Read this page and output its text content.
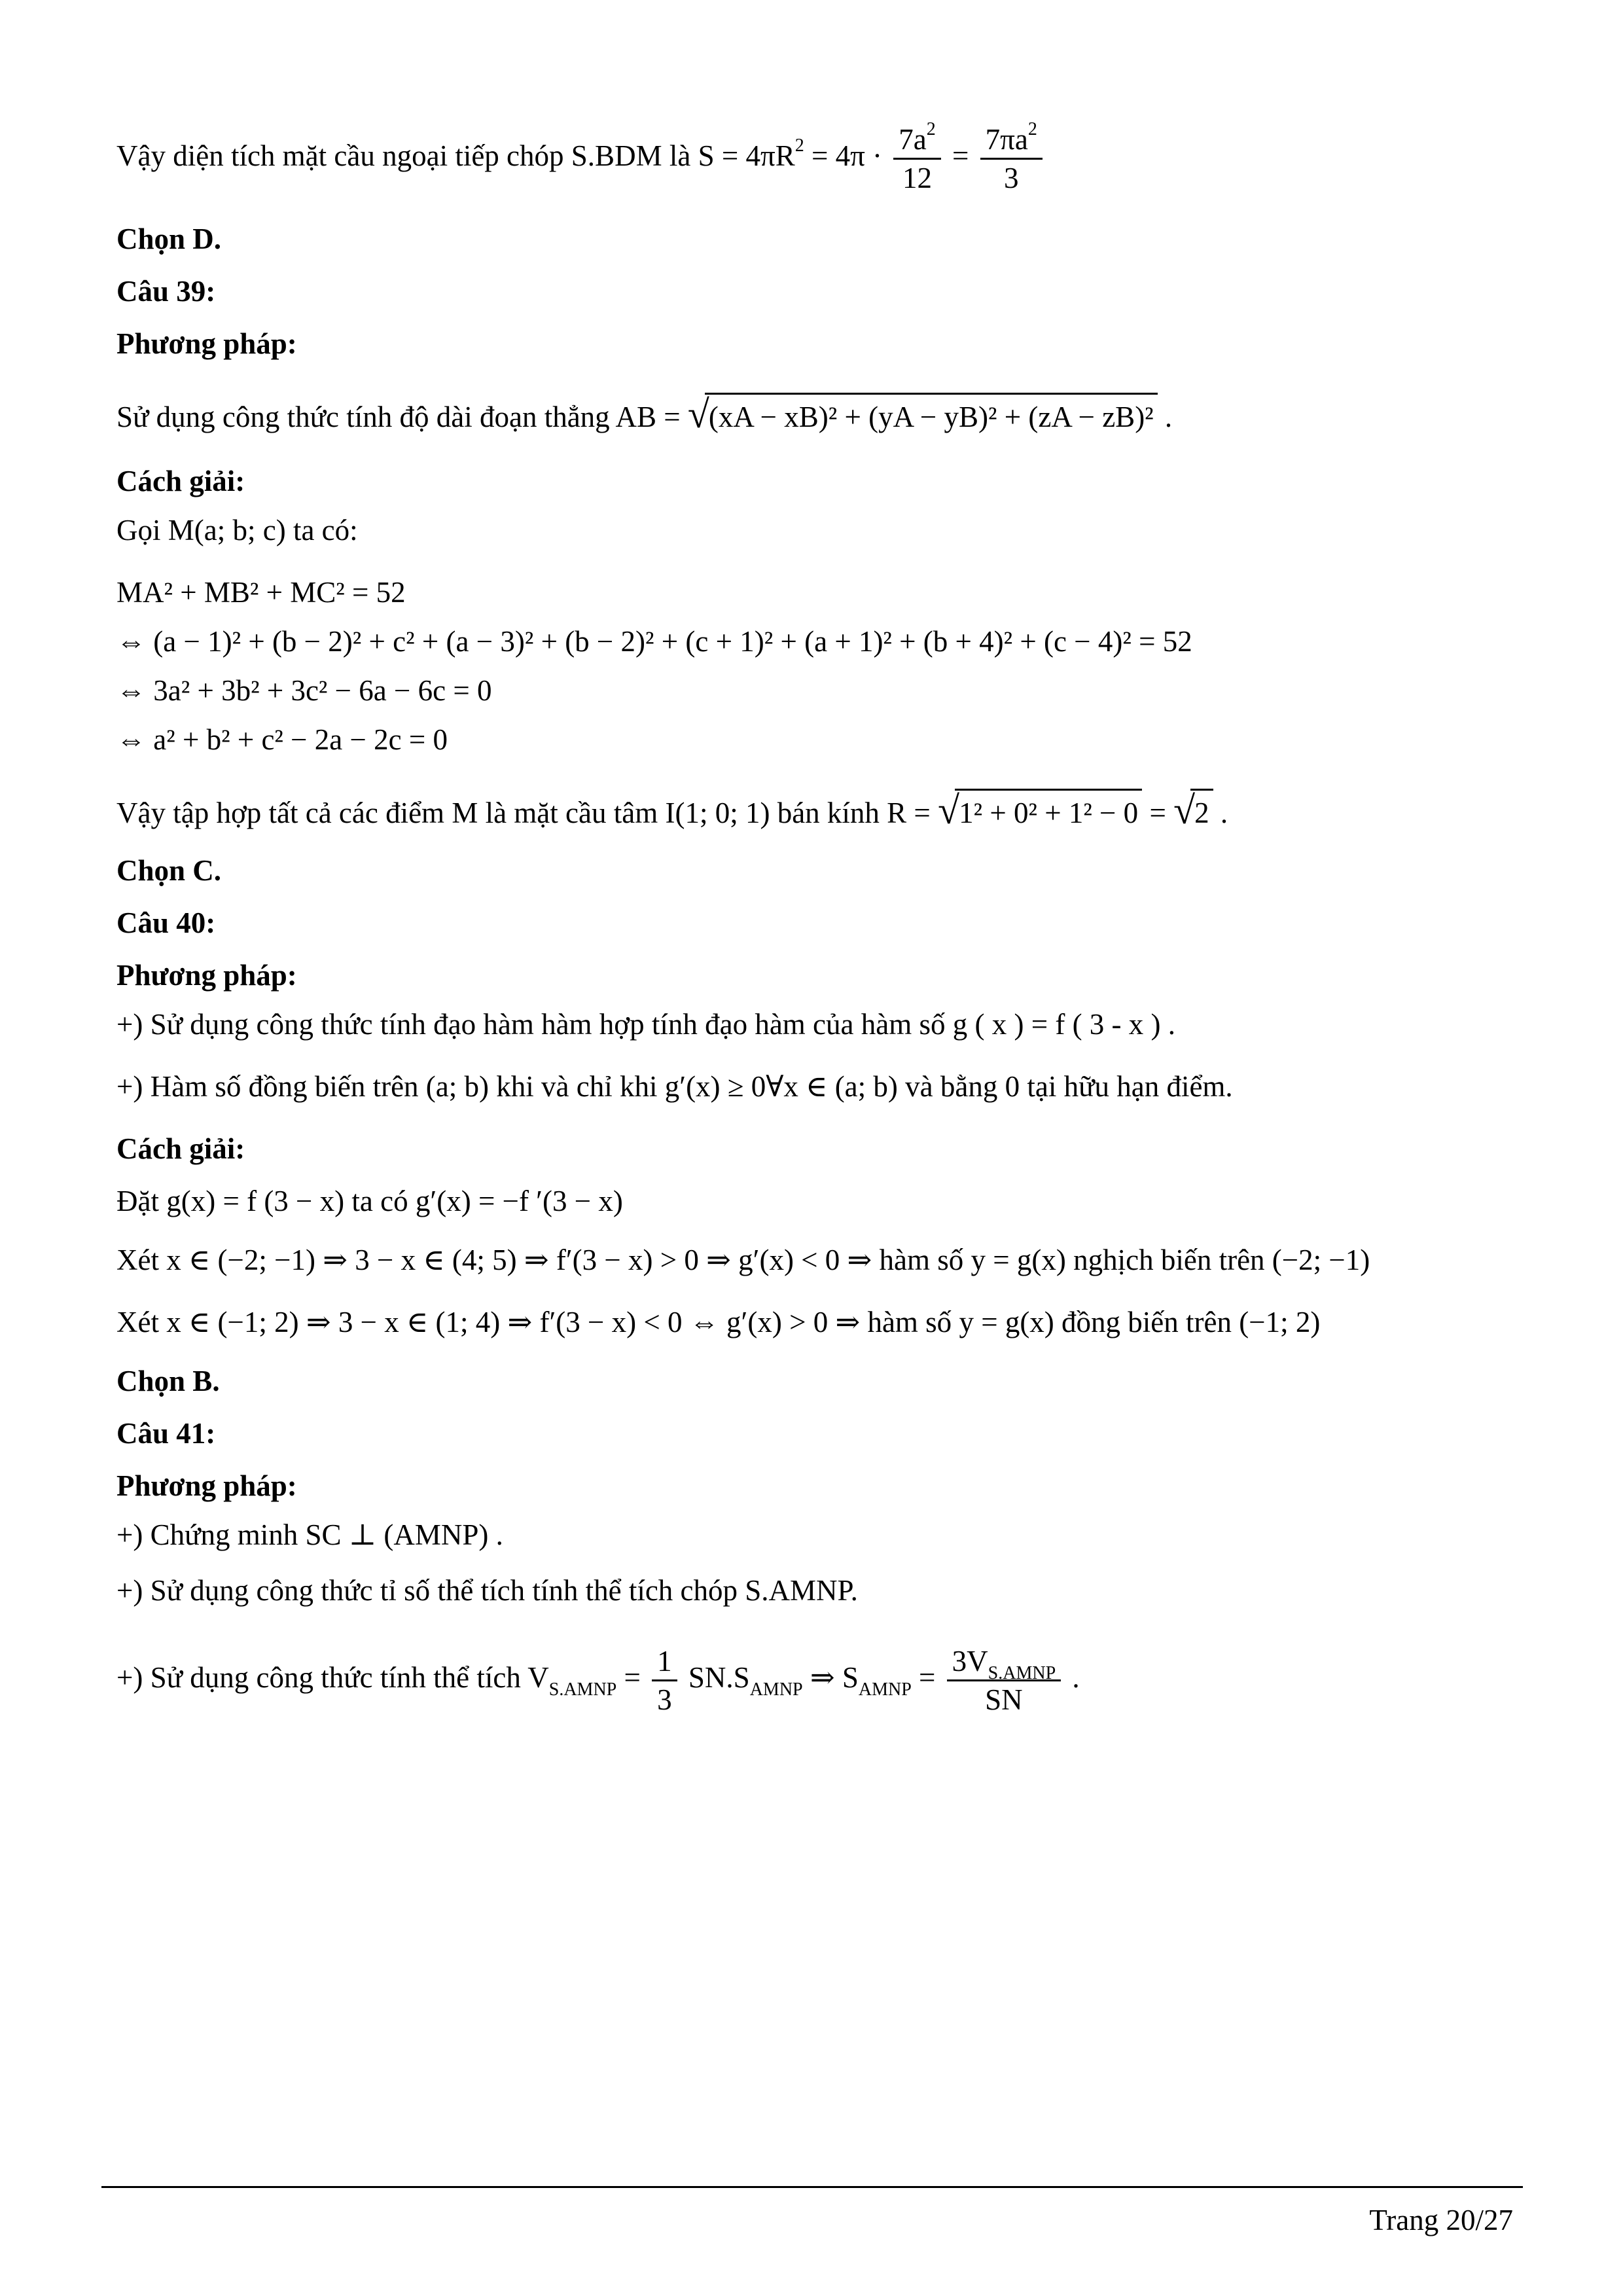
Vậy diện tích mặt cầu ngoại tiếp chóp S.BDM là $S = 4\pi R^2 = 4\pi \cdot \frac{7a^2}{12} = \frac{7\pi a^2}{3}$
Chọn D.
Câu 39:
Phương pháp:
Sử dụng công thức tính độ dài đoạn thẳng AB = √ (xA − xB)² + (yA − yB)² + (zA − zB)² .
Cách giải:
Gọi M(a; b; c) ta có:
MA² + MB² + MC² = 52
⇔ (a − 1)² + (b − 2)² + c² + (a − 3)² + (b − 2)² + (c + 1)² + (a + 1)² + (b + 4)² + (c − 4)² = 52
⇔ 3a² + 3b² + 3c² − 6a − 6c = 0
⇔ a² + b² + c² − 2a − 2c = 0
Vậy tập hợp tất cả các điểm M là mặt cầu tâm I(1; 0; 1) bán kính R = √ 1² + 0² + 1² − 0 = √ 2 .
Chọn C.
Câu 40:
Phương pháp:
+) Sử dụng công thức tính đạo hàm hàm hợp tính đạo hàm của hàm số g ( x ) = f ( 3 - x ) .
+) Hàm số đồng biến trên (a; b) khi và chỉ khi g′(x) ≥ 0∀x ∈ (a; b) và bằng 0 tại hữu hạn điểm.
Cách giải:
Đặt g(x) = f (3 − x) ta có g′(x) = −f ′(3 − x)
Xét x ∈ (−2; −1) ⇒ 3 − x ∈ (4; 5) ⇒ f′(3 − x) > 0 ⇒ g′(x) < 0 ⇒ hàm số y = g(x) nghịch biến trên (−2; −1)
Xét x ∈ (−1; 2) ⇒ 3 − x ∈ (1; 4) ⇒ f′(3 − x) < 0 ⇔ g′(x) > 0 ⇒ hàm số y = g(x) đồng biến trên (−1; 2)
Chọn B.
Câu 41:
Phương pháp:
+) Chứng minh SC ⊥ (AMNP) .
+) Sử dụng công thức tỉ số thể tích tính thể tích chóp S.AMNP.
+) Sử dụng công thức tính thể tích $V_{S.AMNP} = \frac{1}{3} SN.S_{AMNP}$ ⇒ $S_{AMNP} = \frac{3V_{S.AMNP}}{SN}$ .
Trang 20/27
